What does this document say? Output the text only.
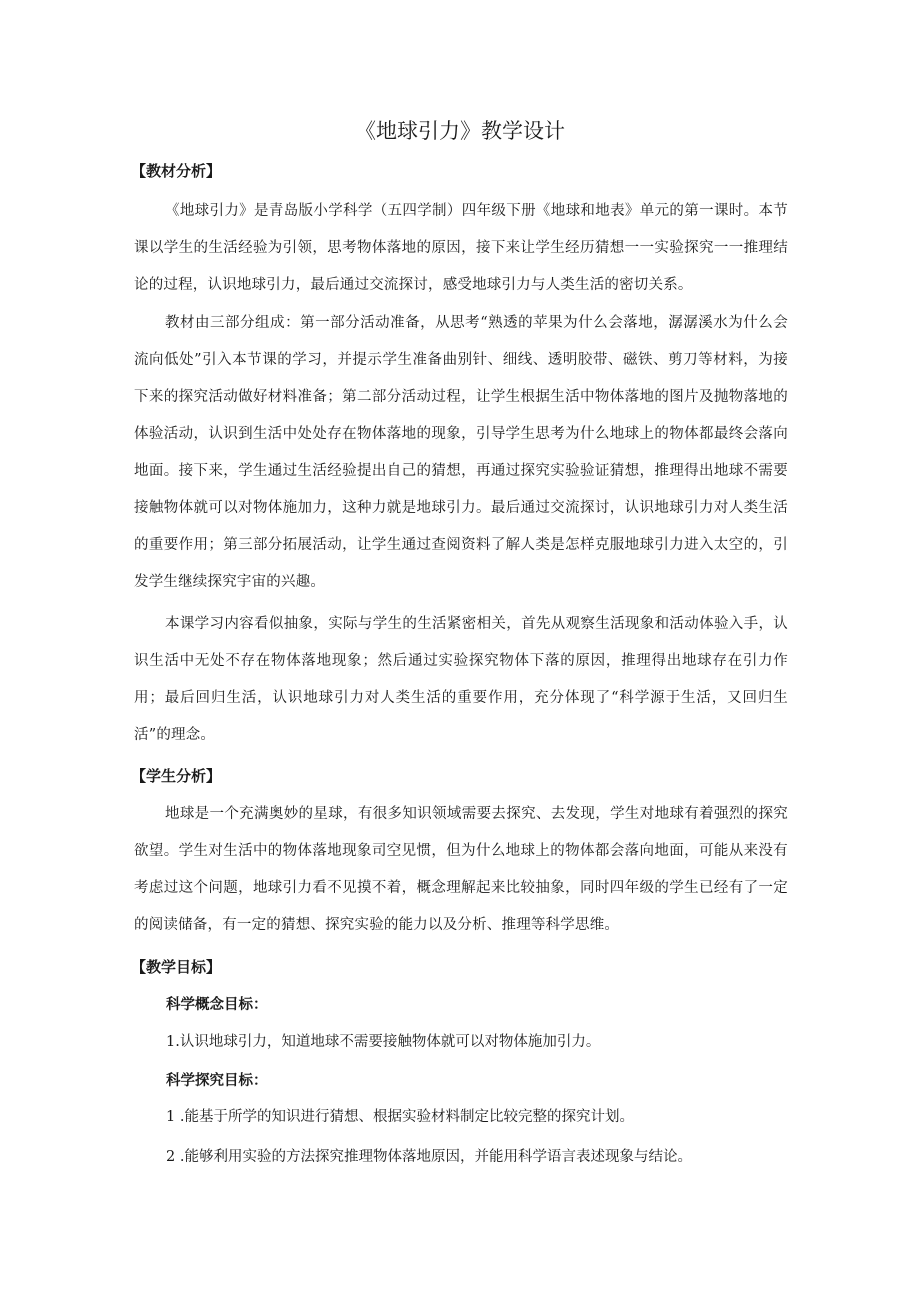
《地球引力》教学设计
【教材分析】

《地球引力》是青岛版小学科学（五四学制）四年级下册《地球和地表》单元的第一课时。本节课以学生的生活经验为引领，思考物体落地的原因，接下来让学生经历猜想一一实验探究一一推理结论的过程，认识地球引力，最后通过交流探讨，感受地球引力与人类生活的密切关系。

教材由三部分组成：第一部分活动准备，从思考“熟透的苹果为什么会落地，潺潺溪水为什么会流向低处”引入本节课的学习，并提示学生准备曲别针、细线、透明胶带、磁铁、剪刀等材料，为接下来的探究活动做好材料准备；第二部分活动过程，让学生根据生活中物体落地的图片及抛物落地的体验活动，认识到生活中处处存在物体落地的现象，引导学生思考为什么地球上的物体都最终会落向地面。接下来，学生通过生活经验提出自己的猜想，再通过探究实验验证猜想，推理得出地球不需要接触物体就可以对物体施加力，这种力就是地球引力。最后通过交流探讨，认识地球引力对人类生活的重要作用；第三部分拓展活动，让学生通过查阅资料了解人类是怎样克服地球引力进入太空的，引发学生继续探究宇宙的兴趣。

本课学习内容看似抽象，实际与学生的生活紧密相关，首先从观察生活现象和活动体验入手，认识生活中无处不存在物体落地现象；然后通过实验探究物体下落的原因，推理得出地球存在引力作用；最后回归生活，认识地球引力对人类生活的重要作用，充分体现了“科学源于生活，又回归生活”的理念。

【学生分析】

地球是一个充满奥妙的星球，有很多知识领域需要去探究、去发现，学生对地球有着强烈的探究欲望。学生对生活中的物体落地现象司空见惯，但为什么地球上的物体都会落向地面，可能从来没有考虑过这个问题，地球引力看不见摸不着，概念理解起来比较抽象，同时四年级的学生已经有了一定的阅读储备，有一定的猜想、探究实验的能力以及分析、推理等科学思维。

【教学目标】
科学概念目标：

1.认识地球引力，知道地球不需要接触物体就可以对物体施加引力。

科学探究目标：

1 .能基于所学的知识进行猜想、根据实验材料制定比较完整的探究计划。

2 .能够利用实验的方法探究推理物体落地原因，并能用科学语言表述现象与结论。
